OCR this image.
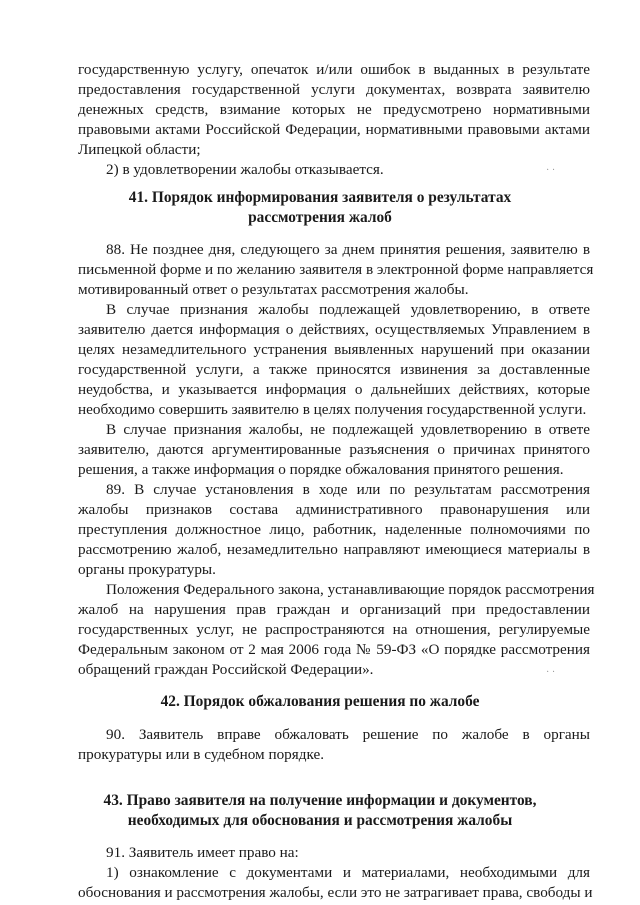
государственную услугу, опечаток и/или ошибок в выданных в результате
предоставления государственной услуги документах, возврата заявителю
денежных средств, взимание которых не предусмотрено нормативными
правовыми актами Российской Федерации, нормативными правовыми актами
Липецкой области;
2) в удовлетворении жалобы отказывается.
41. Порядок информирования заявителя о результатах
рассмотрения жалоб
88. Не позднее дня, следующего за днем принятия решения, заявителю в
письменной форме и по желанию заявителя в электронной форме направляется
мотивированный ответ о результатах рассмотрения жалобы.
В случае признания жалобы подлежащей удовлетворению, в ответе
заявителю дается информация о действиях, осуществляемых Управлением в
целях незамедлительного устранения выявленных нарушений при оказании
государственной услуги, а также приносятся извинения за доставленные
неудобства, и указывается информация о дальнейших действиях, которые
необходимо совершить заявителю в целях получения государственной услуги.
В случае признания жалобы, не подлежащей удовлетворению в ответе
заявителю, даются аргументированные разъяснения о причинах принятого
решения, а также информация о порядке обжалования принятого решения.
89. В случае установления в ходе или по результатам рассмотрения
жалобы признаков состава административного правонарушения или
преступления должностное лицо, работник, наделенные полномочиями по
рассмотрению жалоб, незамедлительно направляют имеющиеся материалы в
органы прокуратуры.
Положения Федерального закона, устанавливающие порядок рассмотрения
жалоб на нарушения прав граждан и организаций при предоставлении
государственных услуг, не распространяются на отношения, регулируемые
Федеральным законом от 2 мая 2006 года № 59-ФЗ «О порядке рассмотрения
обращений граждан Российской Федерации».
42. Порядок обжалования решения по жалобе
90. Заявитель вправе обжаловать решение по жалобе в органы
прокуратуры или в судебном порядке.
43. Право заявителя на получение информации и документов,
необходимых для обоснования и рассмотрения жалобы
91. Заявитель имеет право на:
1) ознакомление с документами и материалами, необходимыми для
обоснования и рассмотрения жалобы, если это не затрагивает права, свободы и
· ·
· ·
